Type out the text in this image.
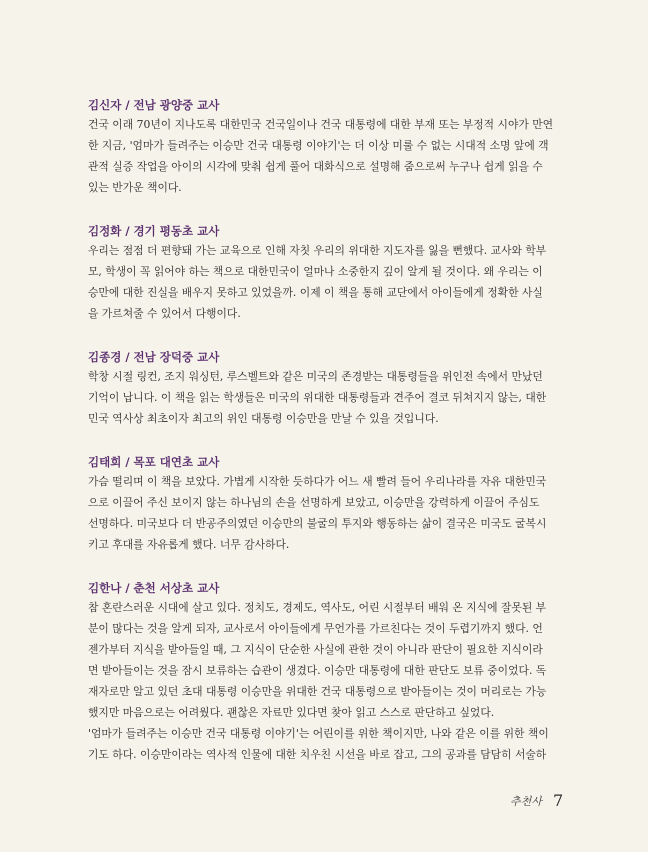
김신자 / 전남 광양중 교사
건국 이래 70년이 지나도록 대한민국 건국일이나 건국 대통령에 대한 부재 또는 부정적 시야가 만연
한 지금, '엄마가 들려주는 이승만 건국 대통령 이야기'는 더 이상 미룰 수 없는 시대적 소명 앞에 객
관적 실증 작업을 아이의 시각에 맞춰 쉽게 풀어 대화식으로 설명해 줌으로써 누구나 쉽게 읽을 수
있는 반가운 책이다.
김정화 / 경기 평동초 교사
우리는 점점 더 편향돼 가는 교육으로 인해 자칫 우리의 위대한 지도자를 잃을 뻔했다. 교사와 학부
모, 학생이 꼭 읽어야 하는 책으로 대한민국이 얼마나 소중한지 깊이 알게 될 것이다. 왜 우리는 이
승만에 대한 진실을 배우지 못하고 있었을까. 이제 이 책을 통해 교단에서 아이들에게 정확한 사실
을 가르쳐줄 수 있어서 다행이다.
김종경 / 전남 장덕중 교사
학창 시절 링컨, 조지 워싱턴, 루스벨트와 같은 미국의 존경받는 대통령들을 위인전 속에서 만났던
기억이 납니다. 이 책을 읽는 학생들은 미국의 위대한 대통령들과 견주어 결코 뒤쳐지지 않는, 대한
민국 역사상 최초이자 최고의 위인 대통령 이승만을 만날 수 있을 것입니다.
김태희 / 목포 대연초 교사
가슴 떨리며 이 책을 보았다. 가볍게 시작한 듯하다가 어느 새 빨려 들어 우리나라를 자유 대한민국
으로 이끌어 주신 보이지 않는 하나님의 손을 선명하게 보았고, 이승만을 강력하게 이끌어 주심도
선명하다. 미국보다 더 반공주의였던 이승만의 불굴의 투지와 행동하는 삶이 결국은 미국도 굴복시
키고 후대를 자유롭게 했다. 너무 감사하다.
김한나 / 춘천 서상초 교사
참 혼란스러운 시대에 살고 있다. 정치도, 경제도, 역사도, 어린 시절부터 배워 온 지식에 잘못된 부
분이 많다는 것을 알게 되자, 교사로서 아이들에게 무언가를 가르친다는 것이 두렵기까지 했다. 언
젠가부터 지식을 받아들일 때, 그 지식이 단순한 사실에 관한 것이 아니라 판단이 필요한 지식이라
면 받아들이는 것을 잠시 보류하는 습관이 생겼다. 이승만 대통령에 대한 판단도 보류 중이었다. 독
재자로만 알고 있던 초대 대통령 이승만을 위대한 건국 대통령으로 받아들이는 것이 머리로는 가능
했지만 마음으로는 어려웠다. 괜찮은 자료만 있다면 찾아 읽고 스스로 판단하고 싶었다.
'엄마가 들려주는 이승만 건국 대통령 이야기'는 어린이를 위한 책이지만, 나와 같은 이를 위한 책이
기도 하다. 이승만이라는 역사적 인물에 대한 치우친 시선을 바로 잡고, 그의 공과를 담담히 서술하
추천사 7
